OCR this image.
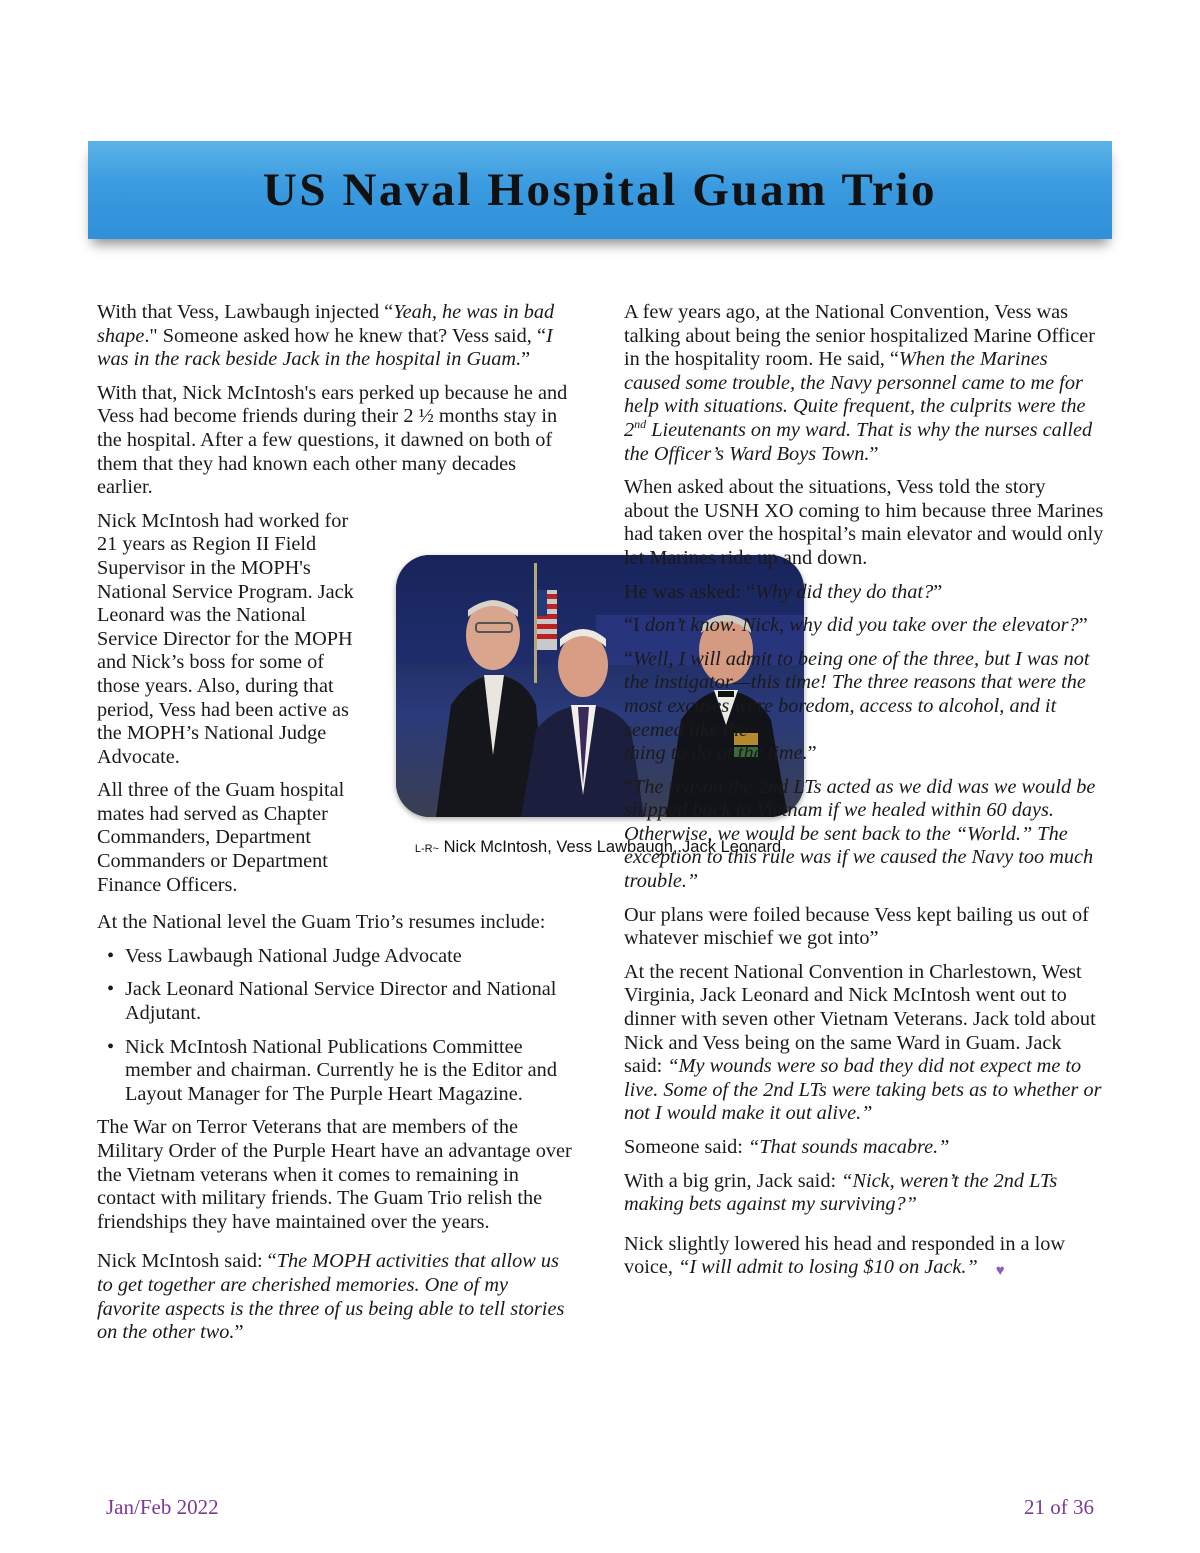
US Naval Hospital Guam Trio

With that Vess, Lawbaugh injected “Yeah, he was in bad shape." Someone asked how he knew that? Vess said, “I was in the rack beside Jack in the hospital in Guam.”

With that, Nick McIntosh's ears perked up because he and Vess had become friends during their 2 ½ months stay in the hospital. After a few questions, it dawned on both of them that they had known each other many decades earlier.

Nick McIntosh had worked for 21 years as Region II Field Supervisor in the MOPH's National Service Program. Jack Leonard was the National Service Director for the MOPH and Nick’s boss for some of those years. Also, during that period, Vess had been active as the MOPH’s National Judge Advocate.

All three of the Guam hospital mates had served as Chapter Commanders, Department Commanders or Department Finance Officers.

At the National level the Guam Trio’s resumes include:

• Vess Lawbaugh National Judge Advocate
• Jack Leonard National Service Director and National Adjutant.
• Nick McIntosh National Publications Committee member and chairman. Currently he is the Editor and Layout Manager for The Purple Heart Magazine.

The War on Terror Veterans that are members of the Military Order of the Purple Heart have an advantage over the Vietnam veterans when it comes to remaining in contact with military friends. The Guam Trio relish the friendships they have maintained over the years.

Nick McIntosh said: “The MOPH activities that allow us to get together are cherished memories. One of my favorite aspects is the three of us being able to tell stories on the other two.”

L-R~ Nick McIntosh, Vess Lawbaugh, Jack Leonard

A few years ago, at the National Convention, Vess was talking about being the senior hospitalized Marine Officer in the hospitality room. He said, “When the Marines caused some trouble, the Navy personnel came to me for help with situations. Quite frequent, the culprits were the 2nd Lieutenants on my ward. That is why the nurses called the Officer’s Ward Boys Town.”

When asked about the situations, Vess told the story

about the USNH XO coming to him because three Marines had taken over the hospital’s main elevator and would only let Marines ride up and down.

He was asked: “Why did they do that?”

“I don’t know. Nick, why did you take over the elevator?”

“Well, I will admit to being one of the three, but I was not the instigator—this time! The three reasons that were the most excuses were boredom, access to alcohol, and it seemed like the

thing to do at the time.”

“The reason the 2nd LTs acted as we did was we would be shipped back to Vietnam if we healed within 60 days. Otherwise, we would be sent back to the “World.” The exception to this rule was if we caused the Navy too much trouble.”

Our plans were foiled because Vess kept bailing us out of whatever mischief we got into”

At the recent National Convention in Charlestown, West Virginia, Jack Leonard and Nick McIntosh went out to dinner with seven other Vietnam Veterans. Jack told about Nick and Vess being on the same Ward in Guam. Jack said: “My wounds were so bad they did not expect me to live. Some of the 2nd LTs were taking bets as to whether or not I would make it out alive.”

Someone said: “That sounds macabre.”

With a big grin, Jack said: “Nick, weren’t the 2nd LTs making bets against my surviving?”

Nick slightly lowered his head and responded in a low voice, “I will admit to losing $10 on Jack.” ♥

Jan/Feb 2022	21 of 36
